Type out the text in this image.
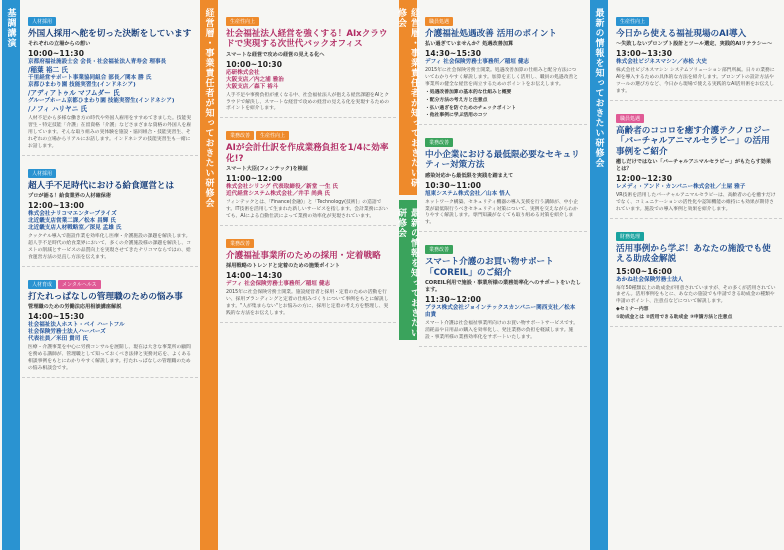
基調講演	経営層・事業責任者が知っておきたい研修会
最新の情報を知っておきたい研修会
経営層・事業責任者が知っておきたい研修会	最新の情報を知っておきたい研修会
人材採用
外国人採用へ舵を切った決断をしています
それぞれの立場からの想い
10:00~11:30
京都府福祉施設士会 会長・社会福祉法人青寿会 理事長
/稲葉 裕二 氏
千里経営サポート事業協同組合 部長／関本 勝 氏
京都ひまわり園 技能実習生(インドネシア)
/アディアトゥル マフムダー 氏
グループホーム京都ひまわり園 技能実習生(インドネシア)
/ノフィ ハリヤニ 氏
人材不足から多様な働き方の時代や外国人雇用をすすめてきました。技能実習生・特定技能「介護」在留資格「介護」などさまざまな資格の外国人を雇用しています。そんな取り組みの実体験を施設・協同組合・技能実習生、それぞれの立場からリアルにお話します。インドネシアの技能実習生も一緒にお話します。
人材採用
超人手不足時代における給食運営とは
プロが語る！給食業界の人材確保術
12:00~13:00
株式会社ナリコマエンタープライズ
北近畿支店営業二課／松本 昌輝 氏
北近畿支店人材戦略室／深見 孟雄 氏
クックチル導入で施設作業を効率化し医療・介護施設の課題を解決します。超人手不足時代の給食業界において、多くの介護施設様の課題を解決し、コストの削減とサービスの品質向上を実現させてきたナリコマならではの、給食運営方法の見直し方法を伝えます。
人材育成 メンタルヘルス
打たれっぱなしの管理職のための悩み事
管理職のための労働法応用相談講座解説
14:00~15:30
社会福祉法人ホスト・ベイ ハートフル
社会保険労務士法人ハーバーズ
代表社員／米田 貴司 氏
医療・介護事業を中心に労務コンサルを展開し、現在は大きな事業所の顧問を務める講師が、管理職として知っておくべき法律と実務対応を、よくある相談事例をもとにわかりやすく解説します。打たれっぱなしの管理職のための悩み相談会です。
生産性向上
社会福祉法人経営を強くする！AIxクラウドで実現する次世代バックオフィス
スマートな経営で攻めの経営の見える化へ
10:00~10:30
応研株式会社
大阪支店／内之浦 雅治
大阪支店／森下 裕斗
人手不足や事務負担が重くなる中、社会福祉法人が抱える経営課題をAIとクラウドで解決し、スマートな経営で攻めの経営の見える化を実現するためのポイントを紹介します。
業務改善 生産性向上
AIが会計仕訳を作成業務負担を1/4に効率化!?
スマート大臣(フィンテック)を検証
11:00~12:00
株式会社シリング 代表取締役／新堂 一生 氏
近代経営システム株式会社／井手 尚典 氏
フィンテックとは、「Finance(金融)」と「Technology(技術)」の造語です。IT技術を活用して生まれた新しいサービスを指します。会計業務においても、AIによる自動仕訳によって業務の効率化が実現されています。
業務改善
介護福祉事業所のための採用・定着戦略
採用戦略のトレンドと定着のための施策ポイント
14:00~14:30
デフィ 社会保険労務士事務所／稲垣 健志
2015年に社会保険労務士開業。施設経営者と採用・定着のための活動を行い、採用ブランディングと定着の仕組みづくりについて事例をもとに解説します。"人が集まらない"とお悩みの方に、採用と定着の考え方を整理し、実践的な方法をお伝えします。
職員処遇
介護福祉処遇改善 活用のポイント
払い過ぎていませんか？処遇改善加算
14:30~15:30
デフィ 社会保険労務士事務所／稲垣 健志
2015年に社会保険労務士開業。処遇改善加算の仕組みと配分方法についてわかりやすく解説します。加算を正しく活用し、職員の処遇改善と事業所の健全な経営を両立するためのポイントをお伝えします。
・処遇改善加算の基本的な仕組みと概要
・配分方法の考え方と注意点
・払い過ぎを防ぐためのチェックポイント
・他社事例に学ぶ活用のコツ
業務改善
中小企業における最低限必要なセキュリティー対策方法
感染対応から最低限を実践を踏まえて
10:30~11:00
旭東システム株式会社／山本 悟人
ネットワーク構築、セキュリティ機器の導入支援を行う講師が、中小企業が最低限行うべきセキュリティ対策について、実例を交えながらわかりやすく解説します。専門知識がなくても取り組める対策を紹介します。
業務改善
スマート介護のお買い物サポート「COREIL」のご紹介
COREIL利用で施設・事業所様の業務効率化へのサポートをいたします。
11:30~12:00
プラス株式会社ジョインテックスカンパニー関西支社／松本 由貴
スマート介護は社会福祉事業所向けのお買い物サポートサービスです。消耗品や日用品の購入を効率化し、発注業務の負担を軽減します。施設・事業所様の業務効率化をサポートいたします。
生産性向上
今日から使える福祉現場のAI導入
～失敗しないプロンプト設計とツール選定、実践的AIリテラシー～
13:00~13:30
株式会社ビジネスマシン／赤松 大史
株式会社ビジネスマシン システムソリューション部門所属。日々の業務にAIを導入するための具体的な方法を紹介します。プロンプトの設計方法やツールの選び方など、今日から現場で使える実践的なAI活用術をお伝えします。
職員処遇
高齢者のココロを癒す介護テクノロジー「バーチャルアニマルセラピー」の活用事例をご紹介
癒しだけではない「バーチャルアニマルセラピー」がもたらす効果とは？
12:00~12:30
レメディ・アンド・カンパニー株式会社／土屋 雅子
VR技術を活用したバーチャルアニマルセラピーは、高齢者の心を癒すだけでなく、コミュニケーションの活性化や認知機能の維持にも効果が期待されています。施設での導入事例と効果を紹介します。
財務処理
活用事例から学ぶ！あなたの施設でも使える助成金解説
15:00~16:00
あかね社会保険労務士法人
毎年50種類以上の助成金が用意されていますが、その多くが活用されていません。活用事例をもとに、あなたの施設でも申請できる助成金の種類や申請のポイント、注意点などについて解説します。
◆セミナー内容
①助成金とは ②活用できる助成金 ③申請方法と注意点
